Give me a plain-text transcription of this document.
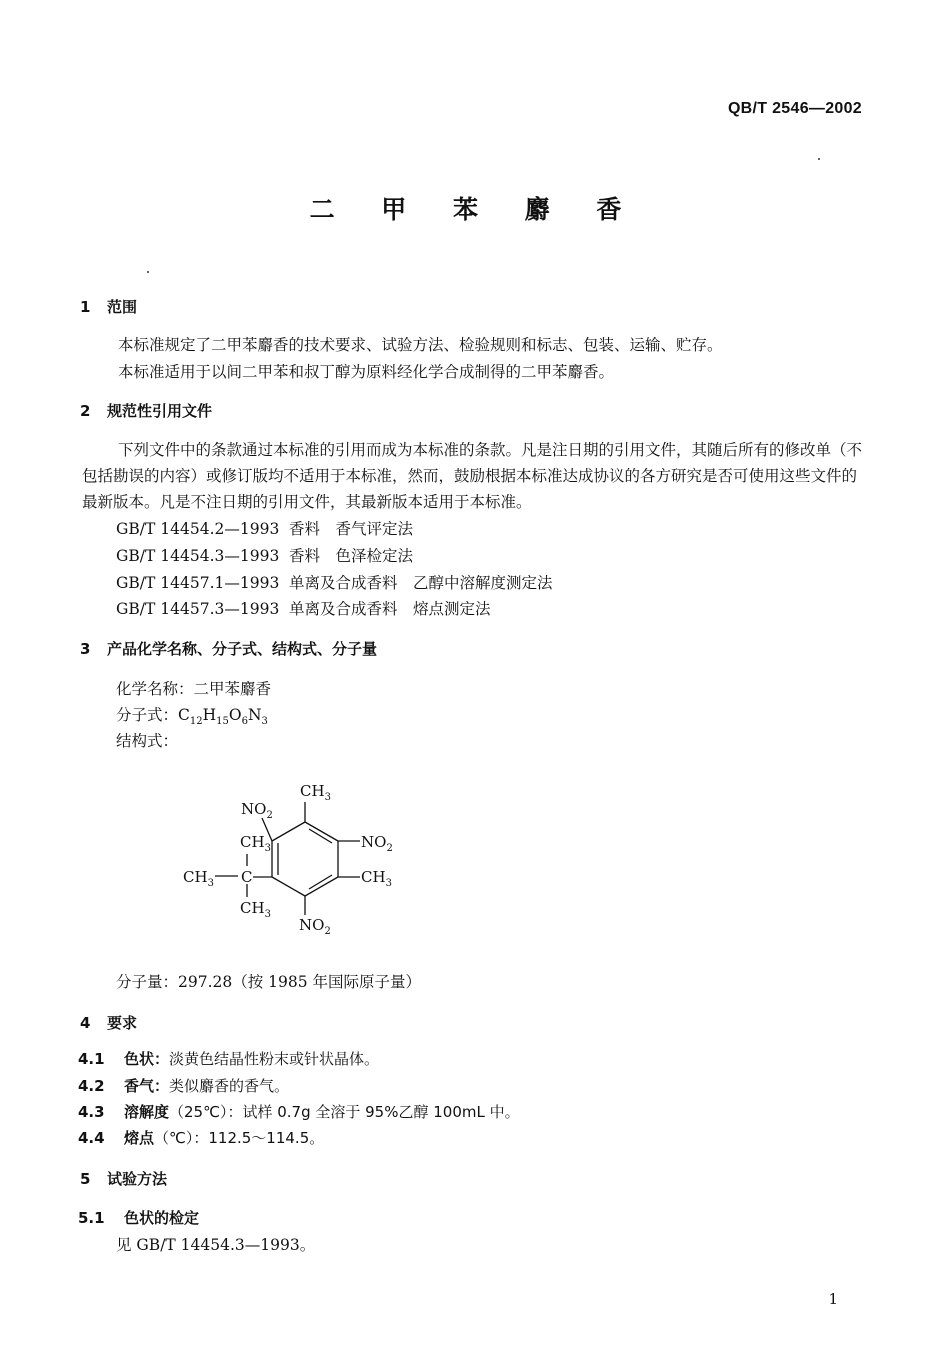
QB/T 2546—2002
二 甲 苯 麝 香
1 范围
本标准规定了二甲苯麝香的技术要求、试验方法、检验规则和标志、包装、运输、贮存。
本标准适用于以间二甲苯和叔丁醇为原料经化学合成制得的二甲苯麝香。
2 规范性引用文件
下列文件中的条款通过本标准的引用而成为本标准的条款。凡是注日期的引用文件，其随后所有的修改单（不包括勘误的内容）或修订版均不适用于本标准，然而，鼓励根据本标准达成协议的各方研究是否可使用这些文件的最新版本。凡是不注日期的引用文件，其最新版本适用于本标准。
GB/T 14454.2—1993 香料　香气评定法
GB/T 14454.3—1993 香料　色泽检定法
GB/T 14457.1—1993 单离及合成香料　乙醇中溶解度测定法
GB/T 14457.3—1993 单离及合成香料　熔点测定法
3 产品化学名称、分子式、结构式、分子量
化学名称：二甲苯麝香
分子式：$C_{12}H_{15}O_6N_3$
结构式：
$CH_3$
$NO_2$
$NO_2$
$CH_3$
$NO_2$
$CH_3$
$CH_3$ C
$CH_3$
分子量：297.28（按 1985 年国际原子量）
4 要求
4.1 色状：淡黄色结晶性粉末或针状晶体。
4.2 香气：类似麝香的香气。
4.3 溶解度（25℃）：试样 0.7g 全溶于 95%乙醇 100mL 中。
4.4 熔点（℃）：112.5～114.5。
5 试验方法
5.1 色状的检定
见 GB/T 14454.3—1993。
1
